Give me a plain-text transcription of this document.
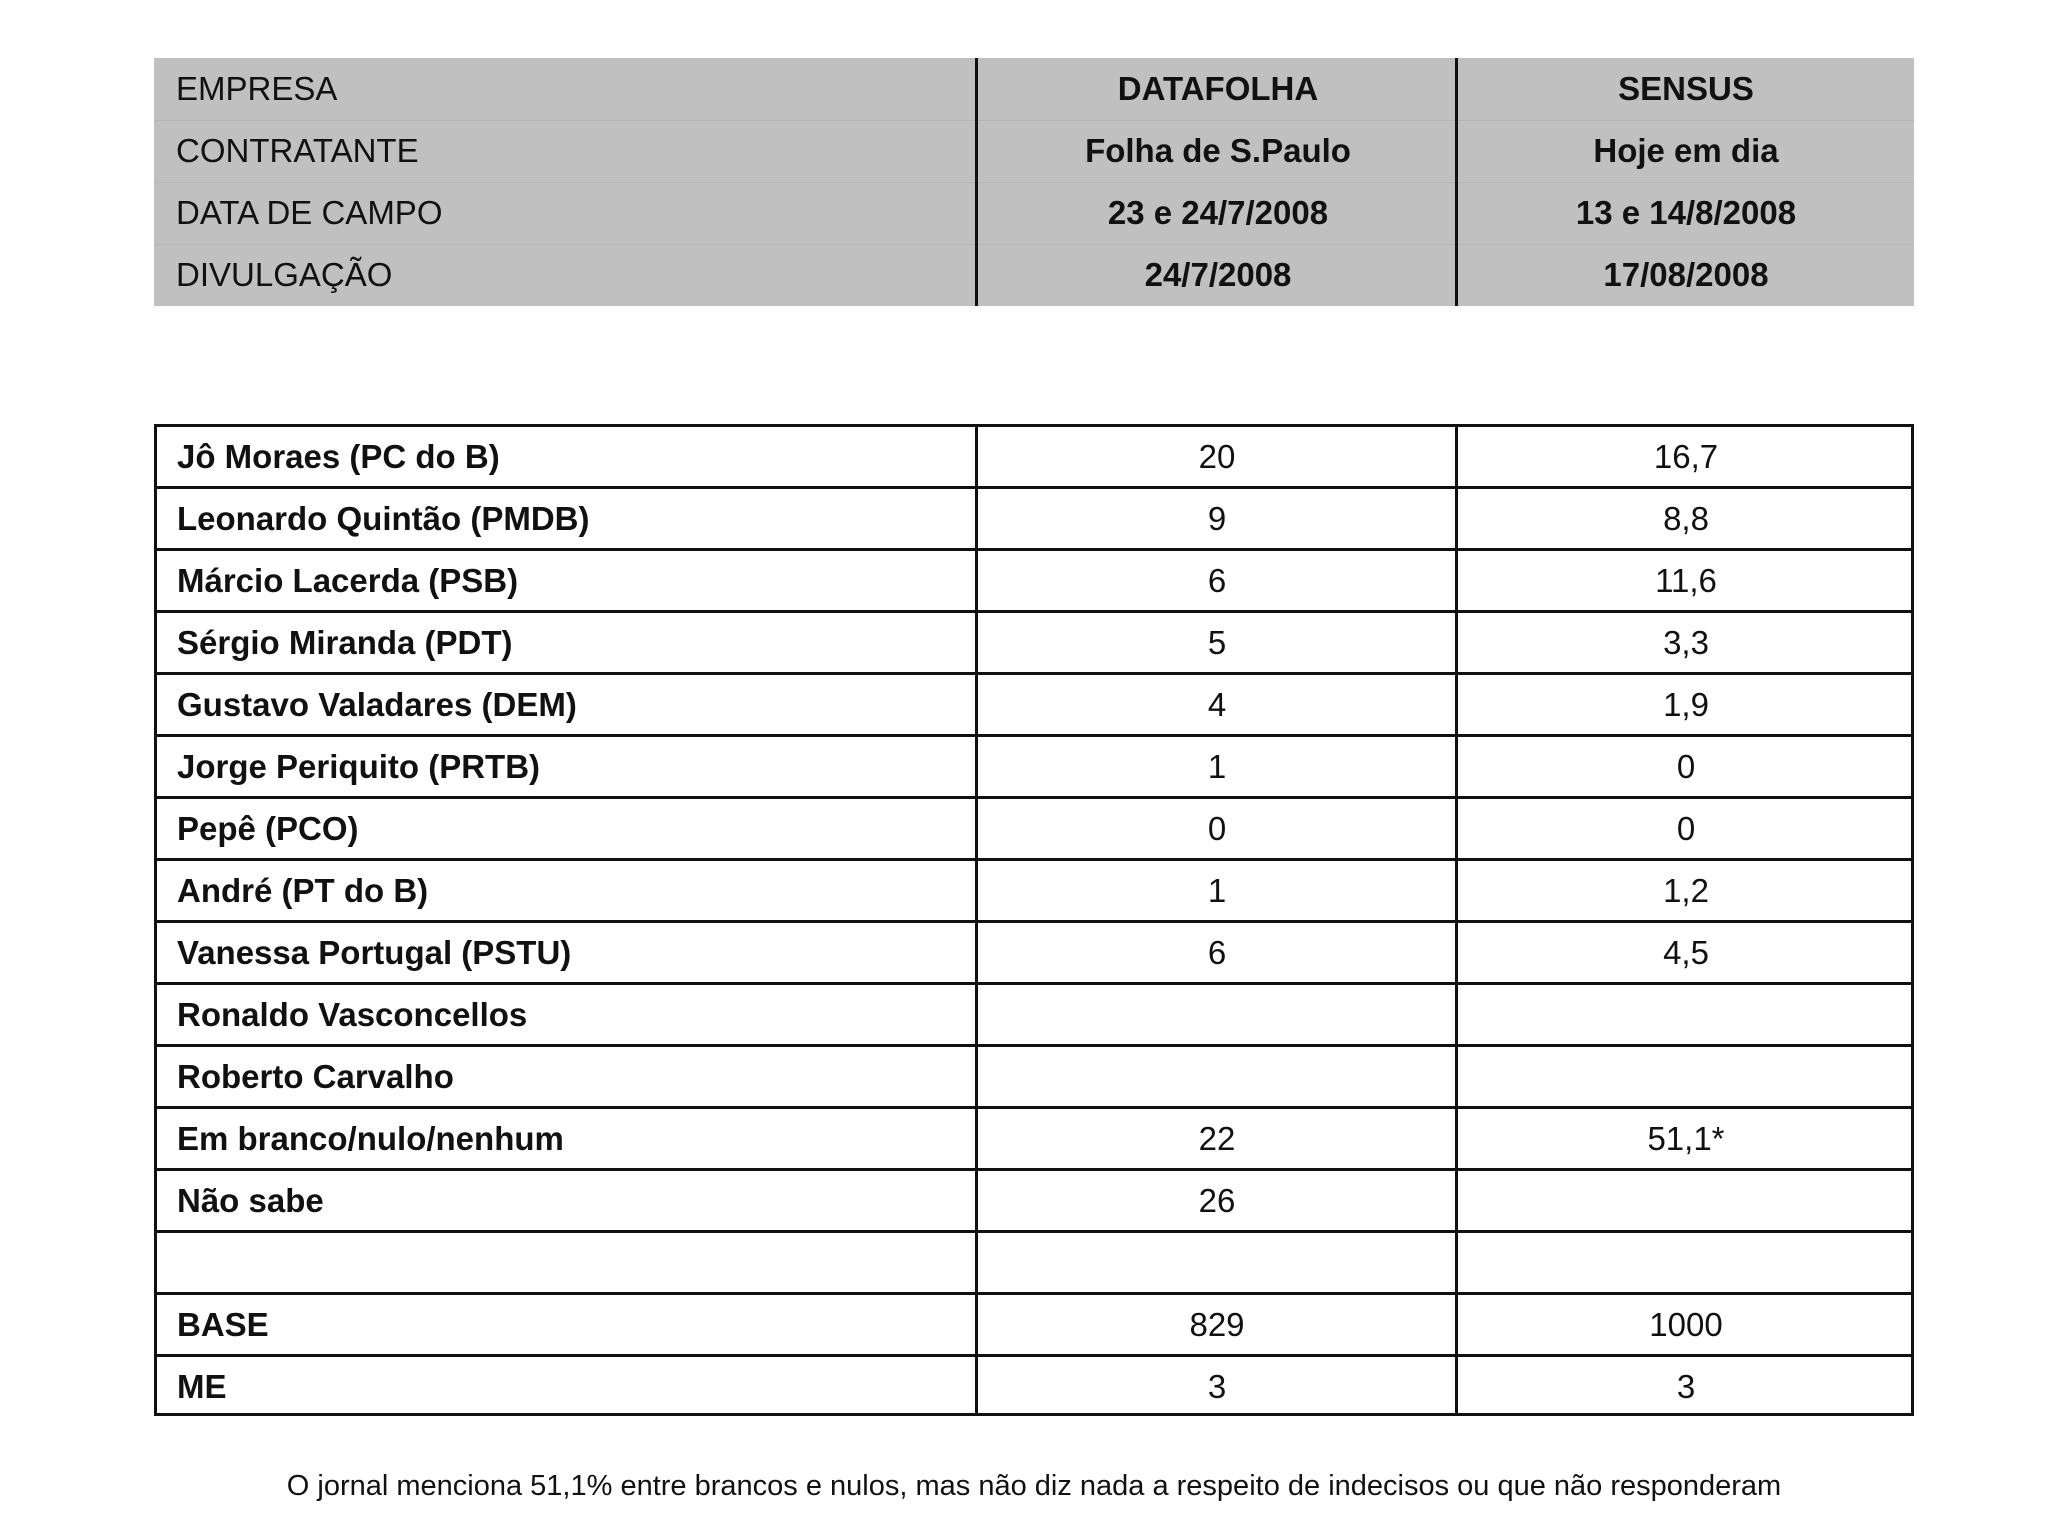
EMPRESA	DATAFOLHA	SENSUS
CONTRATANTE	Folha de S.Paulo	Hoje em dia
DATA DE CAMPO	23 e 24/7/2008	13 e 14/8/2008
DIVULGAÇÃO	24/7/2008	17/08/2008
Jô Moraes (PC do B)	20	16,7
Leonardo Quintão (PMDB)	9	8,8
Márcio Lacerda (PSB)	6	11,6
Sérgio Miranda (PDT)	5	3,3
Gustavo Valadares (DEM)	4	1,9
Jorge Periquito (PRTB)	1	0
Pepê (PCO)	0	0
André (PT do B)	1	1,2
Vanessa Portugal (PSTU)	6	4,5
Ronaldo Vasconcellos
Roberto Carvalho
Em branco/nulo/nenhum	22	51,1*
Não sabe	26
BASE	829	1000
ME	3	3
O jornal menciona 51,1% entre brancos e nulos, mas não diz nada a respeito de indecisos ou que não responderam
